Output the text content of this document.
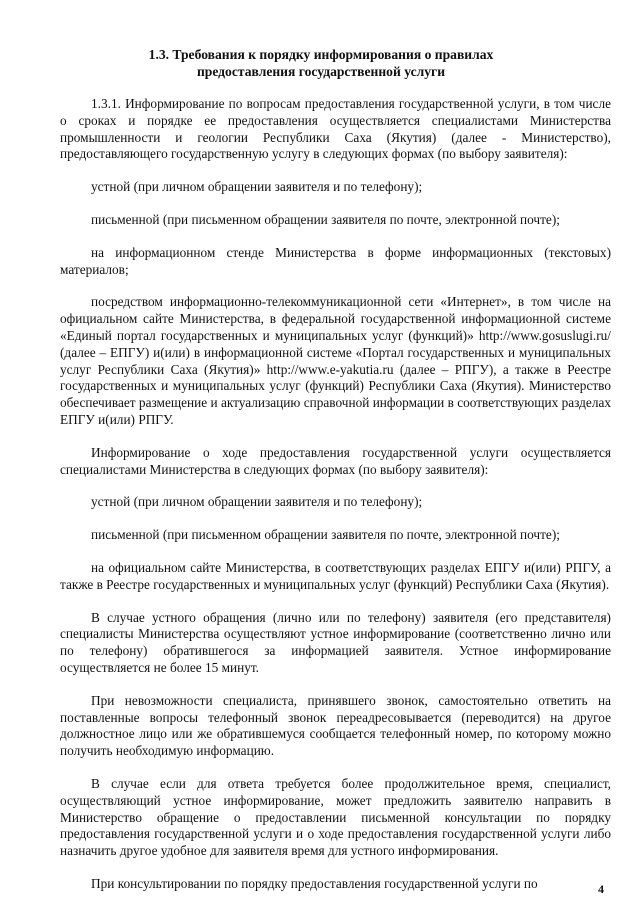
1.3. Требования к порядку информирования о правилах
предоставления государственной услуги

1.3.1. Информирование по вопросам предоставления государственной услуги, в том числе о сроках и порядке ее предоставления осуществляется специалистами Министерства промышленности и геологии Республики Саха (Якутия) (далее - Министерство), предоставляющего государственную услугу в следующих формах (по выбору заявителя):

устной (при личном обращении заявителя и по телефону);

письменной (при письменном обращении заявителя по почте, электронной почте);

на информационном стенде Министерства в форме информационных (текстовых) материалов;

посредством информационно-телекоммуникационной сети «Интернет», в том числе на официальном сайте Министерства, в федеральной государственной информационной системе «Единый портал государственных и муниципальных услуг (функций)» http://www.gosuslugi.ru/ (далее – ЕПГУ) и(или) в информационной системе «Портал государственных и муниципальных услуг Республики Саха (Якутия)» http://www.e-yakutia.ru (далее – РПГУ), а также в Реестре государственных и муниципальных услуг (функций) Республики Саха (Якутия). Министерство обеспечивает размещение и актуализацию справочной информации в соответствующих разделах ЕПГУ и(или) РПГУ.

Информирование о ходе предоставления государственной услуги осуществляется специалистами Министерства в следующих формах (по выбору заявителя):

устной (при личном обращении заявителя и по телефону);

письменной (при письменном обращении заявителя по почте, электронной почте);

на официальном сайте Министерства, в соответствующих разделах ЕПГУ и(или) РПГУ, а также в Реестре государственных и муниципальных услуг (функций) Республики Саха (Якутия).

В случае устного обращения (лично или по телефону) заявителя (его представителя) специалисты Министерства осуществляют устное информирование (соответственно лично или по телефону) обратившегося за информацией заявителя. Устное информирование осуществляется не более 15 минут.

При невозможности специалиста, принявшего звонок, самостоятельно ответить на поставленные вопросы телефонный звонок переадресовывается (переводится) на другое должностное лицо или же обратившемуся сообщается телефонный номер, по которому можно получить необходимую информацию.

В случае если для ответа требуется более продолжительное время, специалист, осуществляющий устное информирование, может предложить заявителю направить в Министерство обращение о предоставлении письменной консультации по порядку предоставления государственной услуги и о ходе предоставления государственной услуги либо назначить другое удобное для заявителя время для устного информирования.

При консультировании по порядку предоставления государственной услуги по	4
